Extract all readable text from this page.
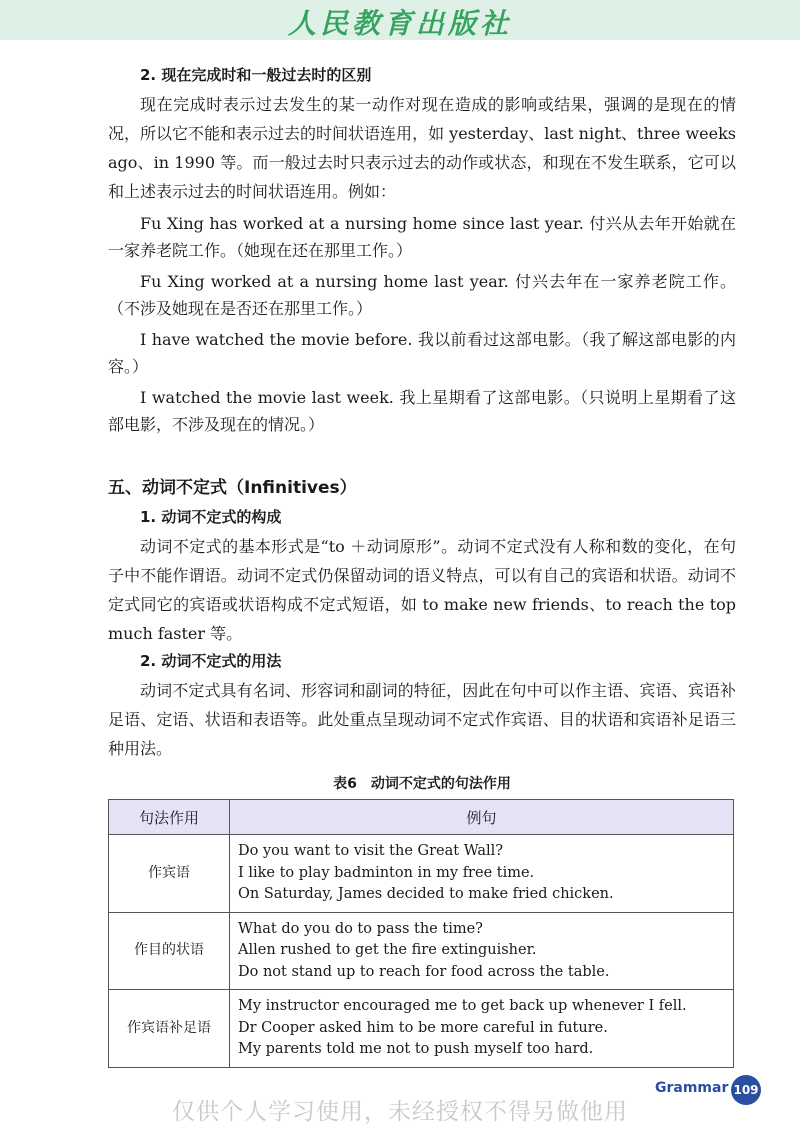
人民教育出版社
2. 现在完成时和一般过去时的区别

现在完成时表示过去发生的某一动作对现在造成的影响或结果，强调的是现在的情况，所以它不能和表示过去的时间状语连用，如 yesterday、last night、three weeks ago、in 1990 等。而一般过去时只表示过去的动作或状态，和现在不发生联系，它可以和上述表示过去的时间状语连用。例如：

Fu Xing has worked at a nursing home since last year. 付兴从去年开始就在一家养老院工作。（她现在还在那里工作。）

Fu Xing worked at a nursing home last year. 付兴去年在一家养老院工作。（不涉及她现在是否还在那里工作。）

I have watched the movie before. 我以前看过这部电影。（我了解这部电影的内容。）

I watched the movie last week. 我上星期看了这部电影。（只说明上星期看了这部电影，不涉及现在的情况。）

五、动词不定式（Infinitives）
1. 动词不定式的构成

动词不定式的基本形式是“to ＋动词原形”。动词不定式没有人称和数的变化，在句子中不能作谓语。动词不定式仍保留动词的语义特点，可以有自己的宾语和状语。动词不定式同它的宾语或状语构成不定式短语，如 to make new friends、to reach the top much faster 等。

2. 动词不定式的用法

动词不定式具有名词、形容词和副词的特征，因此在句中可以作主语、宾语、宾语补足语、定语、状语和表语等。此处重点呈现动词不定式作宾语、目的状语和宾语补足语三种用法。

表6　动词不定式的句法作用
句法作用	例句
作宾语	Do you want to visit the Great Wall?
I like to play badminton in my free time.
On Saturday, James decided to make fried chicken.

作目的状语	What do you do to pass the time?
Allen rushed to get the fire extinguisher.
Do not stand up to reach for food across the table.

作宾语补足语	My instructor encouraged me to get back up whenever I fell.
Dr Cooper asked him to be more careful in future.
My parents told me not to push myself too hard.
Grammar 109
仅供个人学习使用，未经授权不得另做他用
